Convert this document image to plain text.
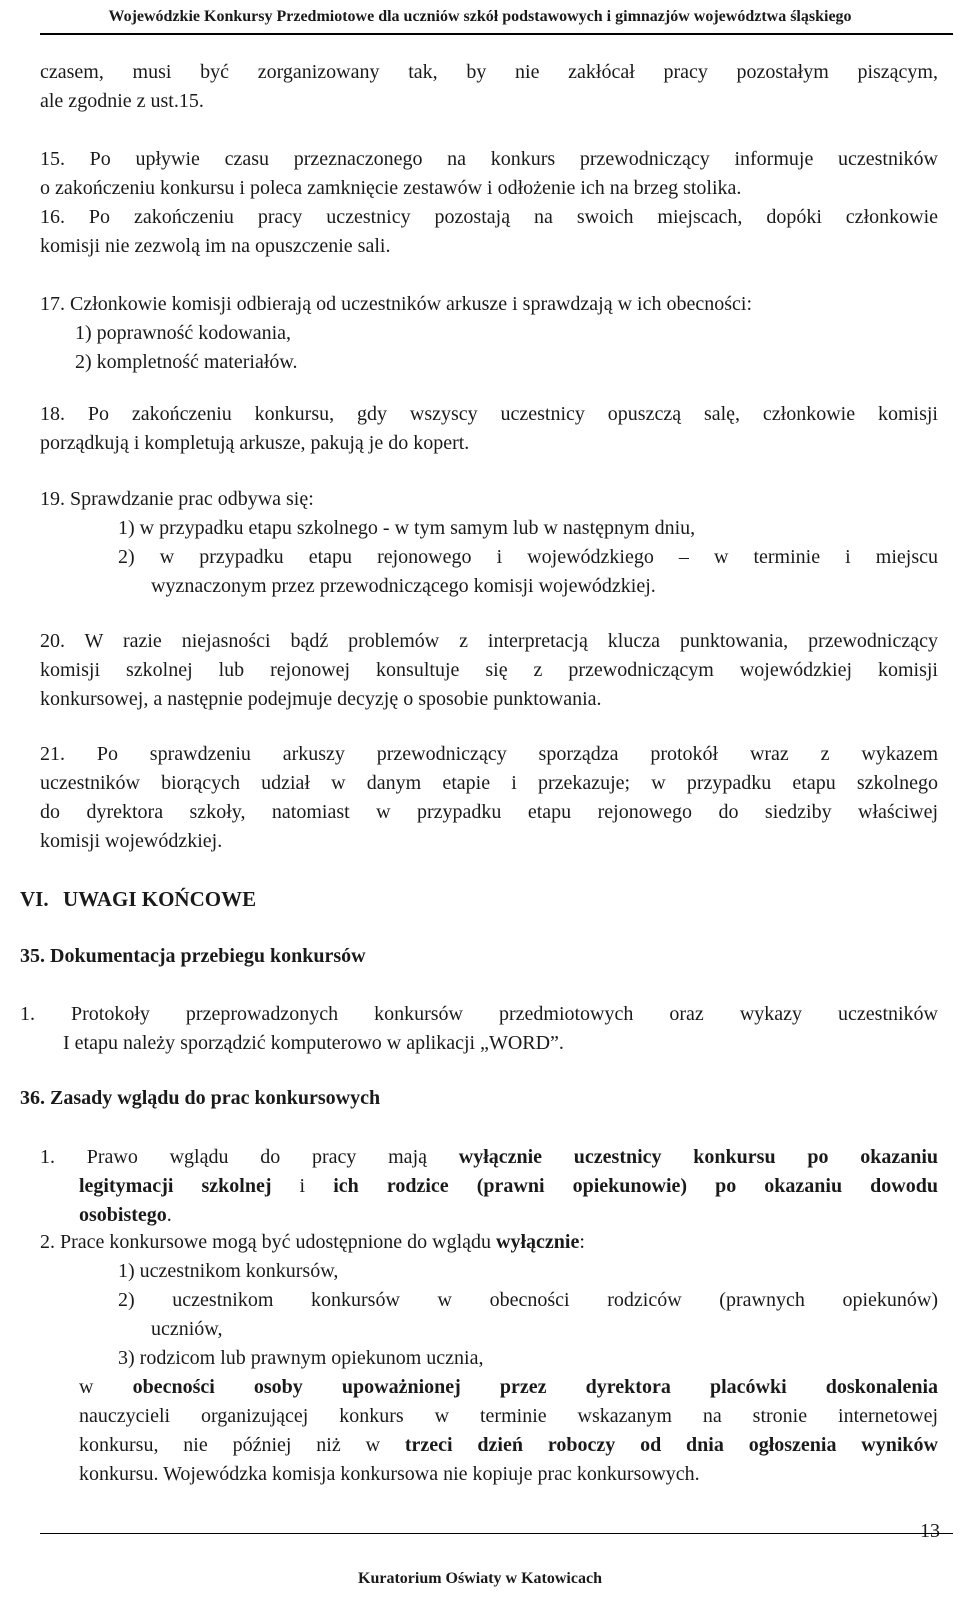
Wojewódzkie Konkursy Przedmiotowe dla uczniów szkół podstawowych i gimnazjów województwa śląskiego

czasem, musi być zorganizowany tak, by nie zakłócał pracy pozostałym piszącym,

ale zgodnie z ust.15.

15. Po upływie czasu przeznaczonego na konkurs przewodniczący informuje uczestników

o zakończeniu konkursu i poleca zamknięcie zestawów i odłożenie ich na brzeg stolika.

16. Po zakończeniu pracy uczestnicy pozostają na swoich miejscach, dopóki członkowie

komisji nie zezwolą im na opuszczenie sali.

17. Członkowie komisji odbierają od uczestników arkusze i sprawdzają w ich obecności:

1) poprawność kodowania,

2) kompletność materiałów.

18. Po zakończeniu konkursu, gdy wszyscy uczestnicy opuszczą salę, członkowie komisji

porządkują i kompletują arkusze, pakują je do kopert.

19. Sprawdzanie prac odbywa się:

1) w przypadku etapu szkolnego - w tym samym lub w następnym dniu,

2) w przypadku etapu rejonowego i wojewódzkiego – w terminie i miejscu

wyznaczonym przez przewodniczącego komisji wojewódzkiej.

20. W razie niejasności bądź problemów z interpretacją klucza punktowania, przewodniczący

komisji szkolnej lub rejonowej konsultuje się z przewodniczącym wojewódzkiej komisji

konkursowej, a następnie podejmuje decyzję o sposobie punktowania.

21. Po sprawdzeniu arkuszy przewodniczący sporządza protokół wraz z wykazem

uczestników biorących udział w danym etapie i przekazuje; w przypadku etapu szkolnego

do dyrektora szkoły, natomiast w przypadku etapu rejonowego do siedziby właściwej

komisji wojewódzkiej.

VI. UWAGI KOŃCOWE
35. Dokumentacja przebiegu konkursów

1. Protokoły przeprowadzonych konkursów przedmiotowych oraz wykazy uczestników

I etapu należy sporządzić komputerowo w aplikacji „WORD”.

36. Zasady wglądu do prac konkursowych

1. Prawo wglądu do pracy mają wyłącznie uczestnicy konkursu po okazaniu

legitymacji szkolnej i ich rodzice (prawni opiekunowie) po okazaniu dowodu

osobistego.

2. Prace konkursowe mogą być udostępnione do wglądu wyłącznie:

1) uczestnikom konkursów,

2) uczestnikom konkursów w obecności rodziców (prawnych opiekunów)

uczniów,

3) rodzicom lub prawnym opiekunom ucznia,

w obecności osoby upoważnionej przez dyrektora placówki doskonalenia

nauczycieli organizującej konkurs w terminie wskazanym na stronie internetowej

konkursu, nie później niż w trzeci dzień roboczy od dnia ogłoszenia wyników

konkursu. Wojewódzka komisja konkursowa nie kopiuje prac konkursowych.

13
Kuratorium Oświaty w Katowicach
